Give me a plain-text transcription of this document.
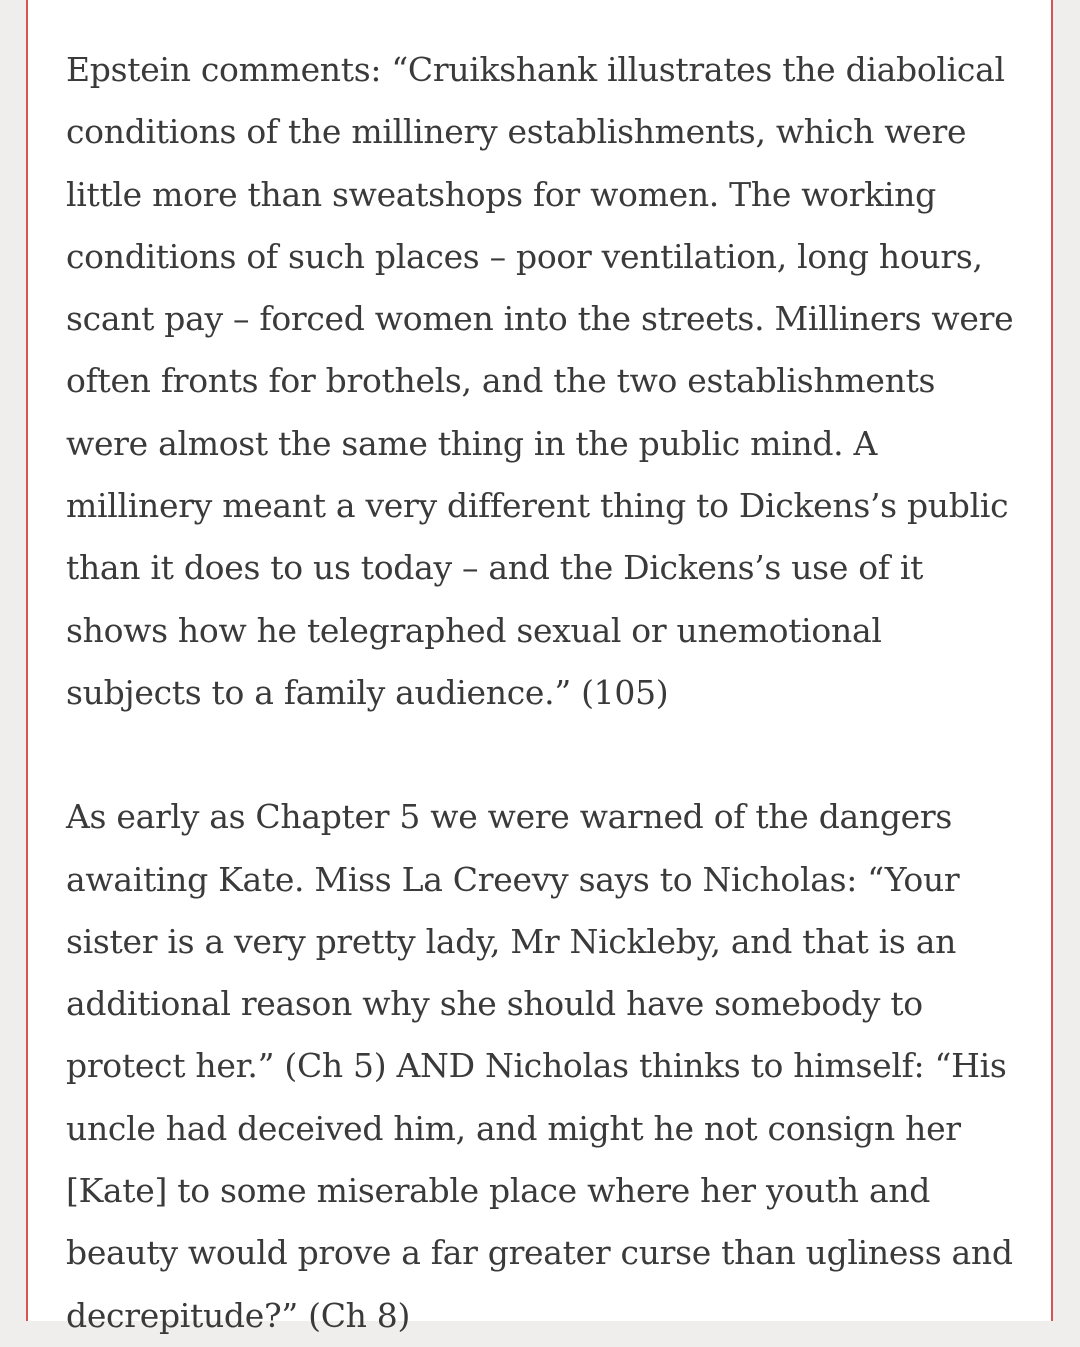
Epstein comments: “Cruikshank illustrates the diabolical conditions of the millinery establishments, which were little more than sweatshops for women. The working conditions of such places – poor ventilation, long hours, scant pay – forced women into the streets. Milliners were often fronts for brothels, and the two establishments were almost the same thing in the public mind. A millinery meant a very different thing to Dickens’s public than it does to us today – and the Dickens’s use of it shows how he telegraphed sexual or unemotional subjects to a family audience.” (105)

As early as Chapter 5 we were warned of the dangers awaiting Kate. Miss La Creevy says to Nicholas: “Your sister is a very pretty lady, Mr Nickleby, and that is an additional reason why she should have somebody to protect her.” (Ch 5) AND Nicholas thinks to himself: “His uncle had deceived him, and might he not consign her [Kate] to some miserable place where her youth and beauty would prove a far greater curse than ugliness and decrepitude?” (Ch 8)
